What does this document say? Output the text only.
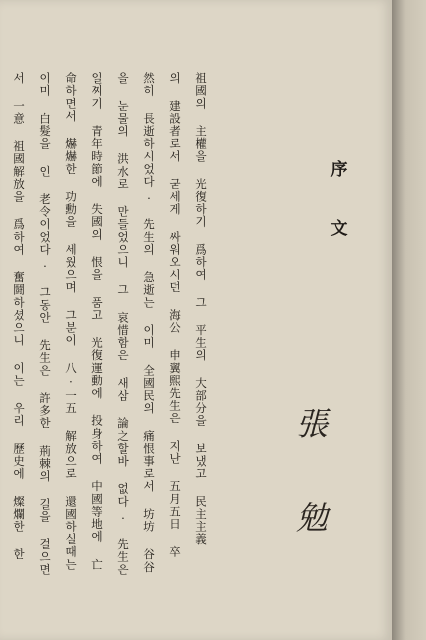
序
文
張
勉
祖國의 主權을 光復하기 爲하여 그 平生의 大部分을 보냈고 民主主義
의 建設者로서 굳세게 싸워오시던 海公 申翼熙先生은 지난 五月五日 卒
然히 長逝하시었다. 先生의 急逝는 이미 全國民의 痛恨事로서 坊坊 谷谷
을 눈물의 洪水로 만들었으니 그 哀惜함은 새삼 論之할바 없다. 先生은
일찌기 青年時節에 失國의 恨을 품고 光復運動에 投身하여 中國等地에 亡
命하면서 爀爀한 功勳을 세웠으며 그분이 八·一五 解放으로 還國하실때는
이미 白髮을 인 老令이었다. 그동안 先生은 許多한 荊棘의 길을 걸으면
서 一意 祖國解放을 爲하여 奮鬪하셨으니 이는 우리 歷史에 燦爛한 한
